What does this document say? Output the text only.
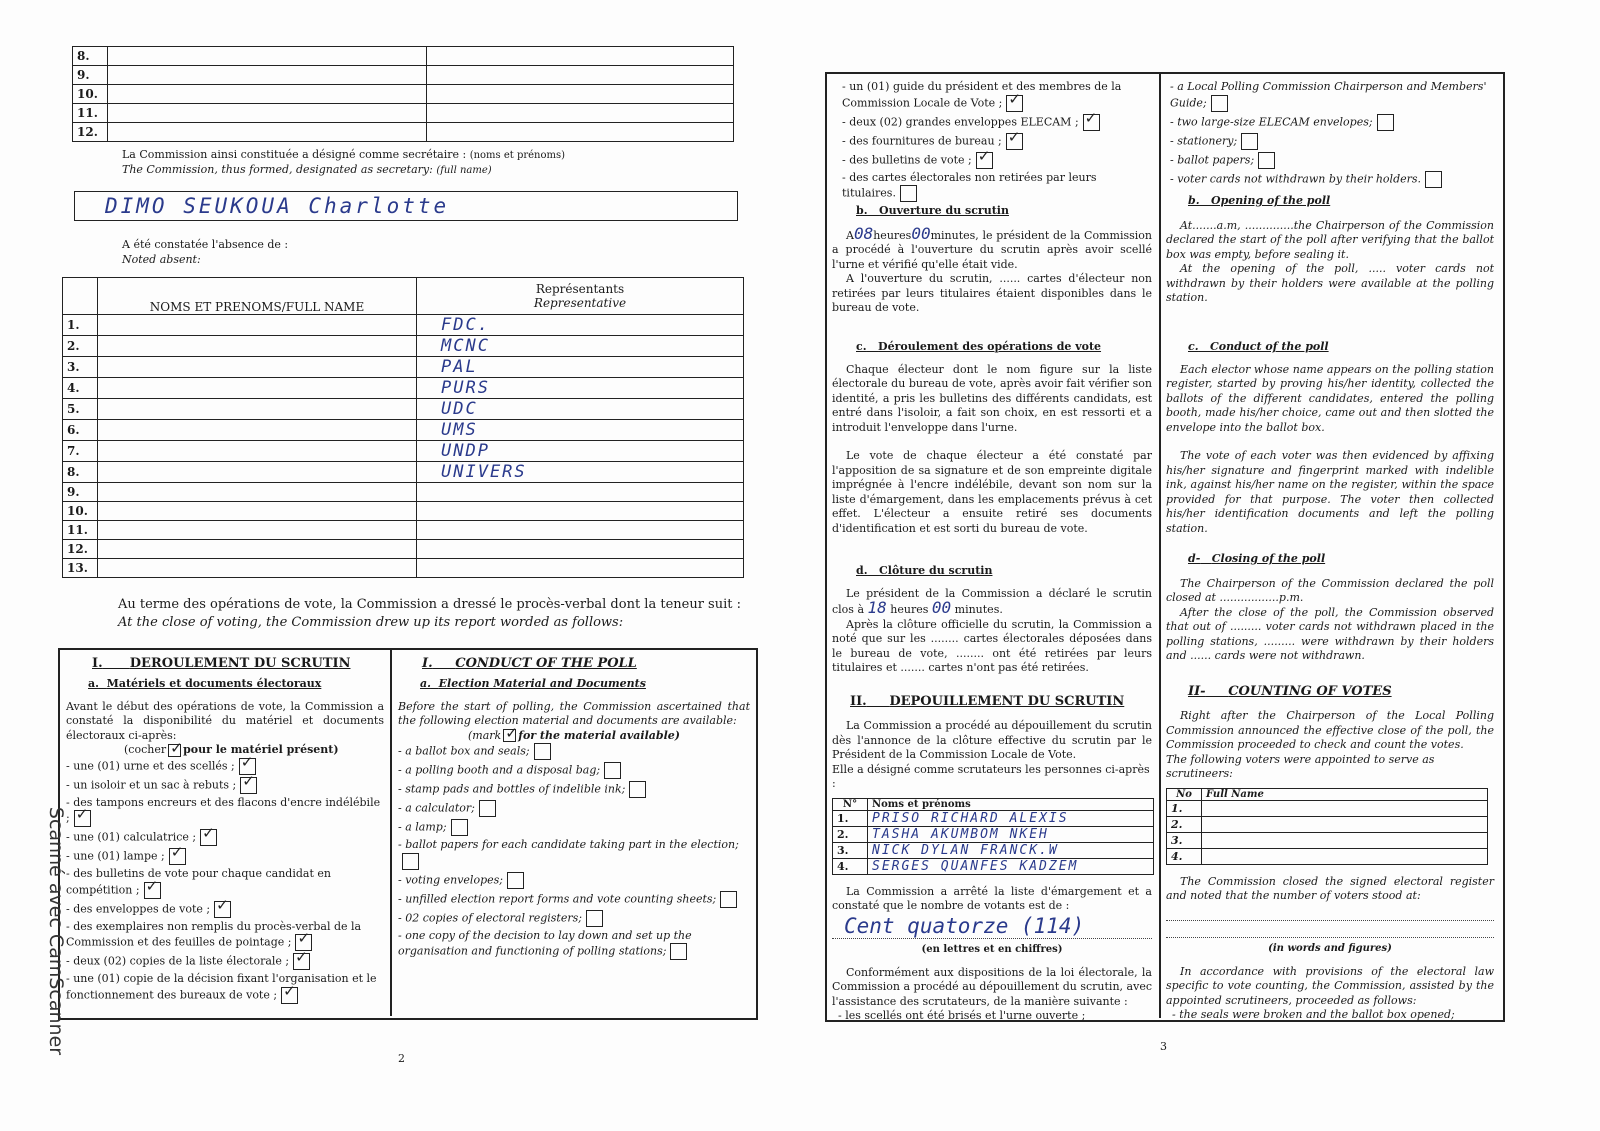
8.		
9.		
10.		
11.		
12.		
La Commission ainsi constituée a désigné comme secrétaire : (noms et prénoms)
The Commission, thus formed, designated as secretary: (full name)
DIMO SEUKOUA Charlotte
A été constatée l'absence de :
Noted absent:
	NOMS ET PRENOMS/FULL NAME	Représentants
Representative

1.		FDC.
2.		MCNC
3.		PAL
4.		PURS
5.		UDC
6.		UMS
7.		UNDP
8.		UNIVERS
9.		
10.		
11.		
12.		
13.		
Au terme des opérations de vote, la Commission a dressé le procès-verbal dont la teneur suit :
At the close of voting, the Commission drew up its report worded as follows:
I. DEROULEMENT DU SCRUTIN
a. Matériels et documents électoraux
Avant le début des opérations de vote, la Commission a constaté la disponibilité du matériel et documents électoraux ci-après:
(cocher ✓ pour le matériel présent)
- une (01) urne et des scellés ;✓
- un isoloir et un sac à rebuts ;✓
- des tampons encreurs et des flacons d'encre indélébile ;✓
- une (01) calculatrice ;✓
- une (01) lampe ;✓
- des bulletins de vote pour chaque candidat en compétition ;✓
- des enveloppes de vote ;✓
- des exemplaires non remplis du procès-verbal de la Commission et des feuilles de pointage ;✓
- deux (02) copies de la liste électorale ;✓
- une (01) copie de la décision fixant l'organisation et le fonctionnement des bureaux de vote ;✓
I. CONDUCT OF THE POLL
a. Election Material and Documents
Before the start of polling, the Commission ascertained that the following election material and documents are available:
(mark ✓ for the material available)
- a ballot box and seals;
- a polling booth and a disposal bag;
- stamp pads and bottles of indelible ink;
- a calculator;
- a lamp;
- ballot papers for each candidate taking part in the election;
- voting envelopes;
- unfilled election report forms and vote counting sheets;
- 02 copies of electoral registers;
- one copy of the decision to lay down and set up the organisation and functioning of polling stations;
2
Scanné avec CamScanner
- un (01) guide du président et des membres de la Commission Locale de Vote ;✓
- deux (02) grandes enveloppes ELECAM ;✓
- des fournitures de bureau ;✓
- des bulletins de vote ;✓
- des cartes électorales non retirées par leurs titulaires.
- a Local Polling Commission Chairperson and Members' Guide;
- two large-size ELECAM envelopes;
- stationery;
- ballot papers;
- voter cards not withdrawn by their holders.
b. Ouverture du scrutin
A08heures00minutes, le président de la Commission a procédé à l'ouverture du scrutin après avoir scellé l'urne et vérifié qu'elle était vide.
A l'ouverture du scrutin, ...... cartes d'électeur non retirées par leurs titulaires étaient disponibles dans le bureau de vote.
b. Opening of the poll
At.......a.m, ..............the Chairperson of the Commission declared the start of the poll after verifying that the ballot box was empty, before sealing it.
At the opening of the poll, ..... voter cards not withdrawn by their holders were available at the polling station.
c. Déroulement des opérations de vote
Chaque électeur dont le nom figure sur la liste électorale du bureau de vote, après avoir fait vérifier son identité, a pris les bulletins des différents candidats, est entré dans l'isoloir, a fait son choix, en est ressorti et a introduit l'enveloppe dans l'urne.
Le vote de chaque électeur a été constaté par l'apposition de sa signature et de son empreinte digitale imprégnée à l'encre indélébile, devant son nom sur la liste d'émargement, dans les emplacements prévus à cet effet. L'électeur a ensuite retiré ses documents d'identification et est sorti du bureau de vote.
c. Conduct of the poll
Each elector whose name appears on the polling station register, started by proving his/her identity, collected the ballots of the different candidates, entered the polling booth, made his/her choice, came out and then slotted the envelope into the ballot box.
The vote of each voter was then evidenced by affixing his/her signature and fingerprint marked with indelible ink, against his/her name on the register, within the space provided for that purpose. The voter then collected his/her identification documents and left the polling station.
d. Clôture du scrutin
Le président de la Commission a déclaré le scrutin clos à 18 heures 00 minutes.
Après la clôture officielle du scrutin, la Commission a noté que sur les ........ cartes électorales déposées dans le bureau de vote, ........ ont été retirées par leurs titulaires et ....... cartes n'ont pas été retirées.
d- Closing of the poll
The Chairperson of the Commission declared the poll closed at .................p.m.
After the close of the poll, the Commission observed that out of ......... voter cards not withdrawn placed in the polling stations, ......... were withdrawn by their holders and ...... cards were not withdrawn.
II. DEPOUILLEMENT DU SCRUTIN
La Commission a procédé au dépouillement du scrutin dès l'annonce de la clôture effective du scrutin par le Président de la Commission Locale de Vote.
Elle a désigné comme scrutateurs les personnes ci-après :
N°	Noms et prénoms
1.	PRISO RICHARD ALEXIS
2.	TASHA AKUMBOM NKEH
3.	NICK DYLAN FRANCK.W
4.	SERGES QUANFES KADZEM
La Commission a arrêté la liste d'émargement et a constaté que le nombre de votants est de :
Cent quatorze (114)
(en lettres et en chiffres)
Conformément aux dispositions de la loi électorale, la Commission a procédé au dépouillement du scrutin, avec l'assistance des scrutateurs, de la manière suivante :
- les scellés ont été brisés et l'urne ouverte ;
II- COUNTING OF VOTES
Right after the Chairperson of the Local Polling Commission announced the effective close of the poll, the Commission proceeded to check and count the votes.
The following voters were appointed to serve as scrutineers:
No	Full Name
1.	
2.	
3.	
4.	
The Commission closed the signed electoral register and noted that the number of voters stood at:
(in words and figures)
In accordance with provisions of the electoral law specific to vote counting, the Commission, assisted by the appointed scrutineers, proceeded as follows:
- the seals were broken and the ballot box opened;
3
